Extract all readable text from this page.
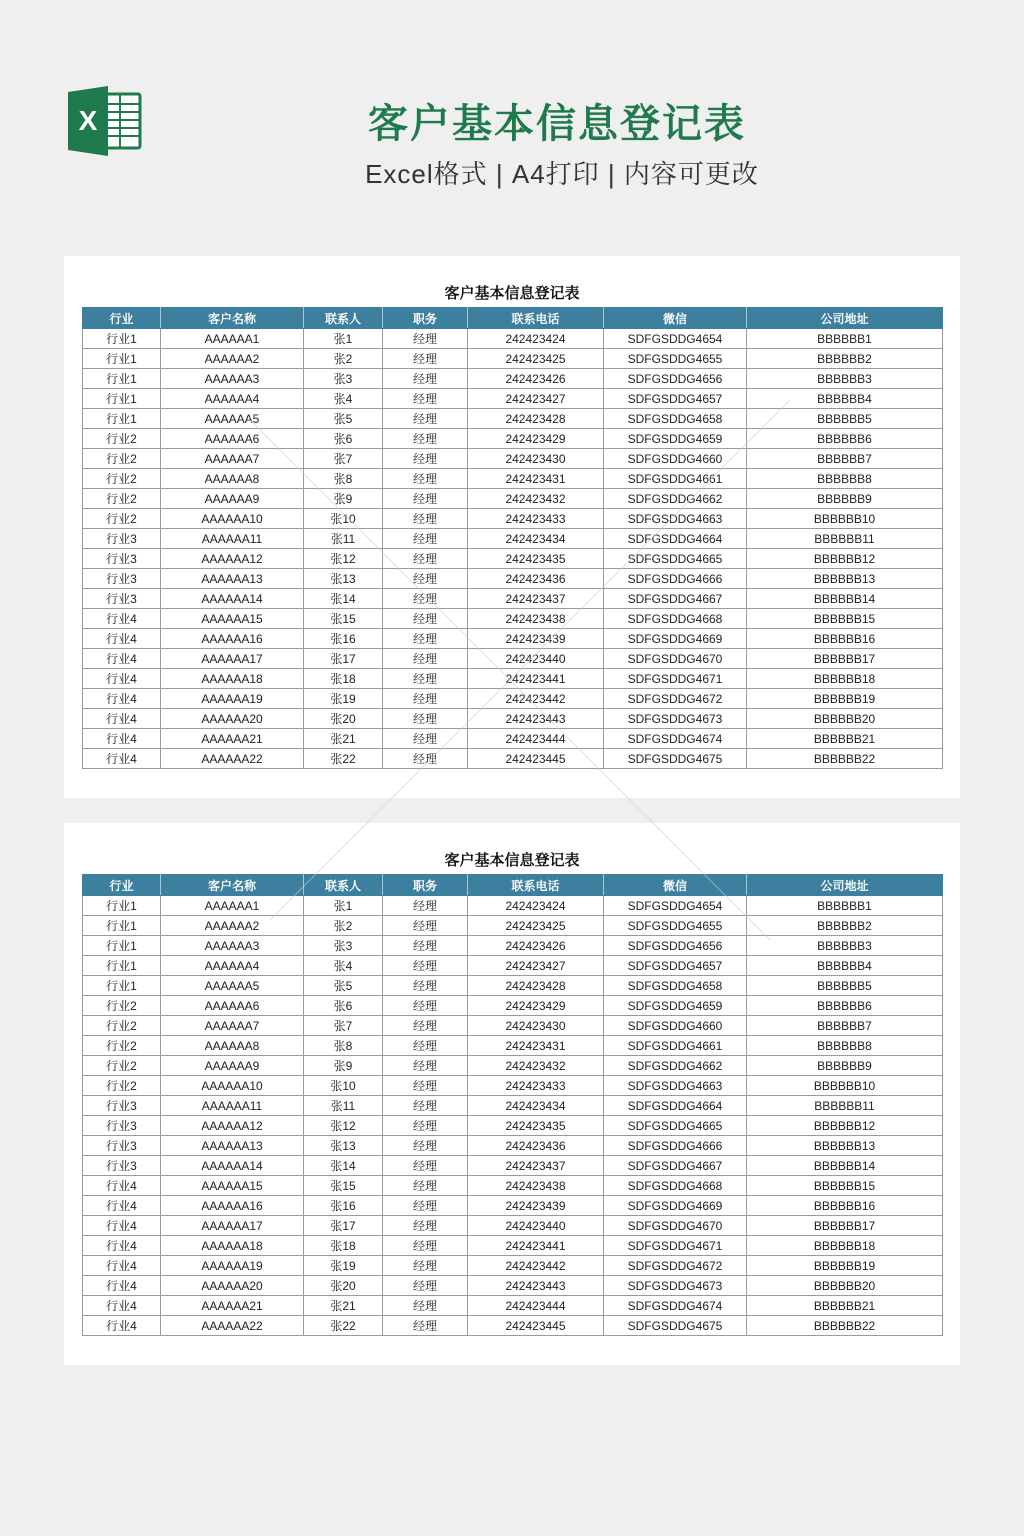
X	客户基本信息登记表
Excel格式 | A4打印 | 内容可更改
客户基本信息登记表
行业	客户名称	联系人	职务	联系电话	微信	公司地址
行业1	AAAAAA1	张1	经理	242423424	SDFGSDDG4654	BBBBBB1
行业1	AAAAAA2	张2	经理	242423425	SDFGSDDG4655	BBBBBB2
行业1	AAAAAA3	张3	经理	242423426	SDFGSDDG4656	BBBBBB3
行业1	AAAAAA4	张4	经理	242423427	SDFGSDDG4657	BBBBBB4
行业1	AAAAAA5	张5	经理	242423428	SDFGSDDG4658	BBBBBB5
行业2	AAAAAA6	张6	经理	242423429	SDFGSDDG4659	BBBBBB6
行业2	AAAAAA7	张7	经理	242423430	SDFGSDDG4660	BBBBBB7
行业2	AAAAAA8	张8	经理	242423431	SDFGSDDG4661	BBBBBB8
行业2	AAAAAA9	张9	经理	242423432	SDFGSDDG4662	BBBBBB9
行业2	AAAAAA10	张10	经理	242423433	SDFGSDDG4663	BBBBBB10
行业3	AAAAAA11	张11	经理	242423434	SDFGSDDG4664	BBBBBB11
行业3	AAAAAA12	张12	经理	242423435	SDFGSDDG4665	BBBBBB12
行业3	AAAAAA13	张13	经理	242423436	SDFGSDDG4666	BBBBBB13
行业3	AAAAAA14	张14	经理	242423437	SDFGSDDG4667	BBBBBB14
行业4	AAAAAA15	张15	经理	242423438	SDFGSDDG4668	BBBBBB15
行业4	AAAAAA16	张16	经理	242423439	SDFGSDDG4669	BBBBBB16
行业4	AAAAAA17	张17	经理	242423440	SDFGSDDG4670	BBBBBB17
行业4	AAAAAA18	张18	经理	242423441	SDFGSDDG4671	BBBBBB18
行业4	AAAAAA19	张19	经理	242423442	SDFGSDDG4672	BBBBBB19
行业4	AAAAAA20	张20	经理	242423443	SDFGSDDG4673	BBBBBB20
行业4	AAAAAA21	张21	经理	242423444	SDFGSDDG4674	BBBBBB21
行业4	AAAAAA22	张22	经理	242423445	SDFGSDDG4675	BBBBBB22
客户基本信息登记表
行业	客户名称	联系人	职务	联系电话	微信	公司地址
行业1	AAAAAA1	张1	经理	242423424	SDFGSDDG4654	BBBBBB1
行业1	AAAAAA2	张2	经理	242423425	SDFGSDDG4655	BBBBBB2
行业1	AAAAAA3	张3	经理	242423426	SDFGSDDG4656	BBBBBB3
行业1	AAAAAA4	张4	经理	242423427	SDFGSDDG4657	BBBBBB4
行业1	AAAAAA5	张5	经理	242423428	SDFGSDDG4658	BBBBBB5
行业2	AAAAAA6	张6	经理	242423429	SDFGSDDG4659	BBBBBB6
行业2	AAAAAA7	张7	经理	242423430	SDFGSDDG4660	BBBBBB7
行业2	AAAAAA8	张8	经理	242423431	SDFGSDDG4661	BBBBBB8
行业2	AAAAAA9	张9	经理	242423432	SDFGSDDG4662	BBBBBB9
行业2	AAAAAA10	张10	经理	242423433	SDFGSDDG4663	BBBBBB10
行业3	AAAAAA11	张11	经理	242423434	SDFGSDDG4664	BBBBBB11
行业3	AAAAAA12	张12	经理	242423435	SDFGSDDG4665	BBBBBB12
行业3	AAAAAA13	张13	经理	242423436	SDFGSDDG4666	BBBBBB13
行业3	AAAAAA14	张14	经理	242423437	SDFGSDDG4667	BBBBBB14
行业4	AAAAAA15	张15	经理	242423438	SDFGSDDG4668	BBBBBB15
行业4	AAAAAA16	张16	经理	242423439	SDFGSDDG4669	BBBBBB16
行业4	AAAAAA17	张17	经理	242423440	SDFGSDDG4670	BBBBBB17
行业4	AAAAAA18	张18	经理	242423441	SDFGSDDG4671	BBBBBB18
行业4	AAAAAA19	张19	经理	242423442	SDFGSDDG4672	BBBBBB19
行业4	AAAAAA20	张20	经理	242423443	SDFGSDDG4673	BBBBBB20
行业4	AAAAAA21	张21	经理	242423444	SDFGSDDG4674	BBBBBB21
行业4	AAAAAA22	张22	经理	242423445	SDFGSDDG4675	BBBBBB22
